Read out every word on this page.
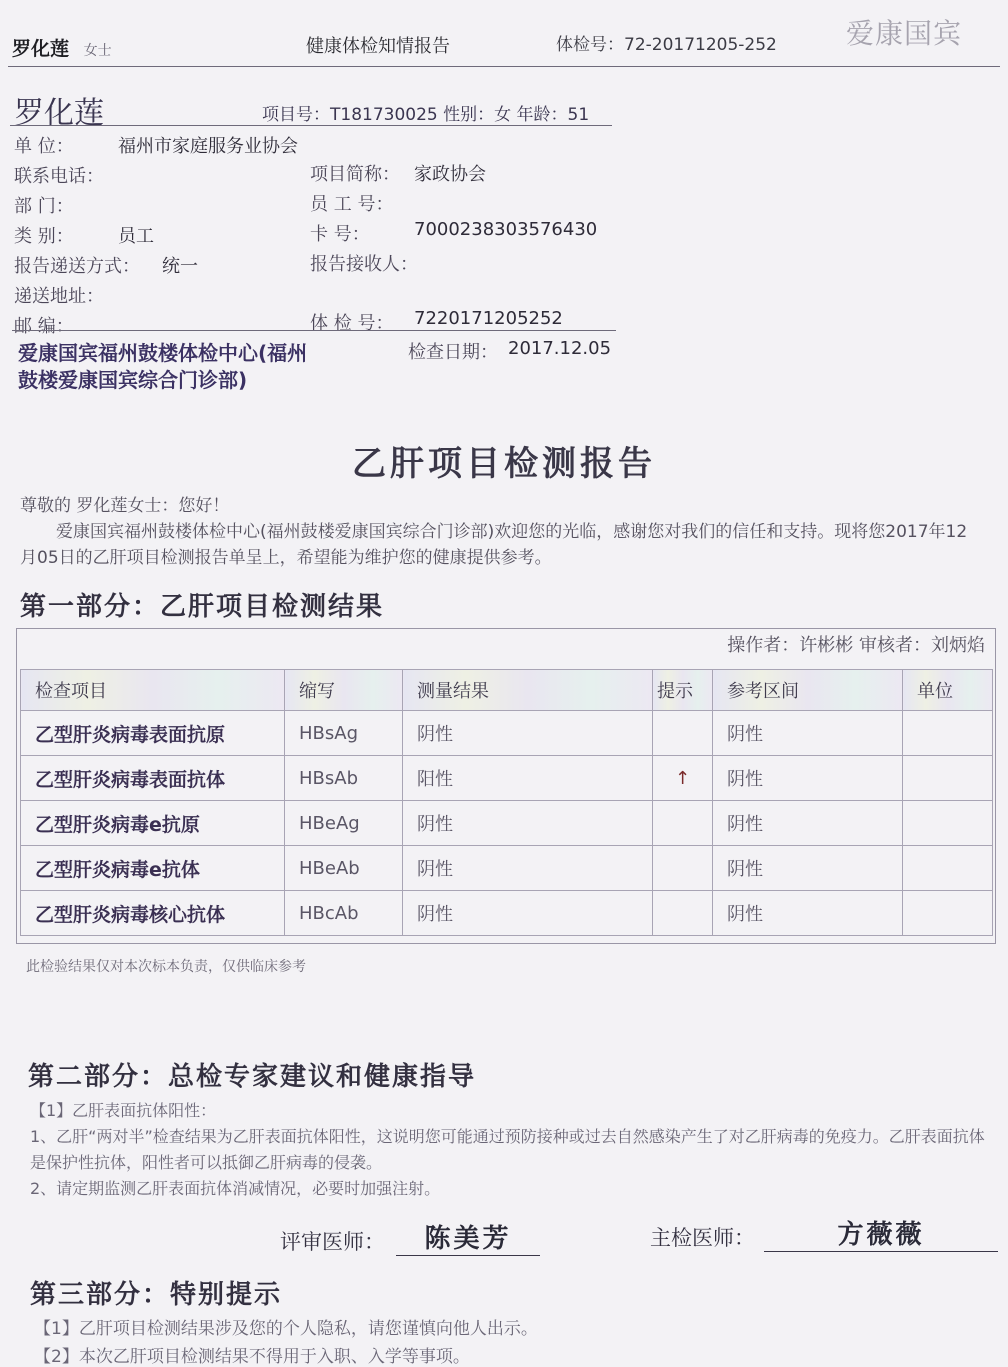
罗化莲 女士	健康体检知情报告	体检号：72-20171205-252 爱康国宾
罗化莲	项目号：T181730025 性别：女 年龄：51
单 位： 福州市家庭服务业协会
联系电话：	项目简称： 家政协会
部 门：	员 工 号：
类 别： 员工	卡 号： 7000238303576430
报告递送方式： 统一	报告接收人：
递送地址：
邮 编：	体 检 号： 7220171205252
爱康国宾福州鼓楼体检中心(福州鼓楼爱康国宾综合门诊部)
检查日期： 2017.12.05
乙肝项目检测报告
尊敬的 罗化莲女士：您好！
爱康国宾福州鼓楼体检中心(福州鼓楼爱康国宾综合门诊部)欢迎您的光临，感谢您对我们的信任和支持。现将您2017年12月05日的乙肝项目检测报告单呈上，希望能为维护您的健康提供参考。
第一部分：乙肝项目检测结果
操作者：许彬彬 审核者：刘炳焰
检查项目	缩写	测量结果	提示	参考区间	单位
乙型肝炎病毒表面抗原	HBsAg	阴性		阴性	
乙型肝炎病毒表面抗体	HBsAb	阳性	↑	阴性	
乙型肝炎病毒e抗原	HBeAg	阴性		阴性	
乙型肝炎病毒e抗体	HBeAb	阴性		阴性	
乙型肝炎病毒核心抗体	HBcAb	阴性		阴性	
此检验结果仅对本次标本负责，仅供临床参考
第二部分：总检专家建议和健康指导
【1】乙肝表面抗体阳性：
1、乙肝“两对半”检查结果为乙肝表面抗体阳性，这说明您可能通过预防接种或过去自然感染产生了对乙肝病毒的免疫力。乙肝表面抗体是保护性抗体，阳性者可以抵御乙肝病毒的侵袭。
2、请定期监测乙肝表面抗体消减情况，必要时加强注射。
评审医师：	陈美芳	主检医师：	方薇薇
第三部分：特别提示
【1】乙肝项目检测结果涉及您的个人隐私，请您谨慎向他人出示。
【2】本次乙肝项目检测结果不得用于入职、入学等事项。
